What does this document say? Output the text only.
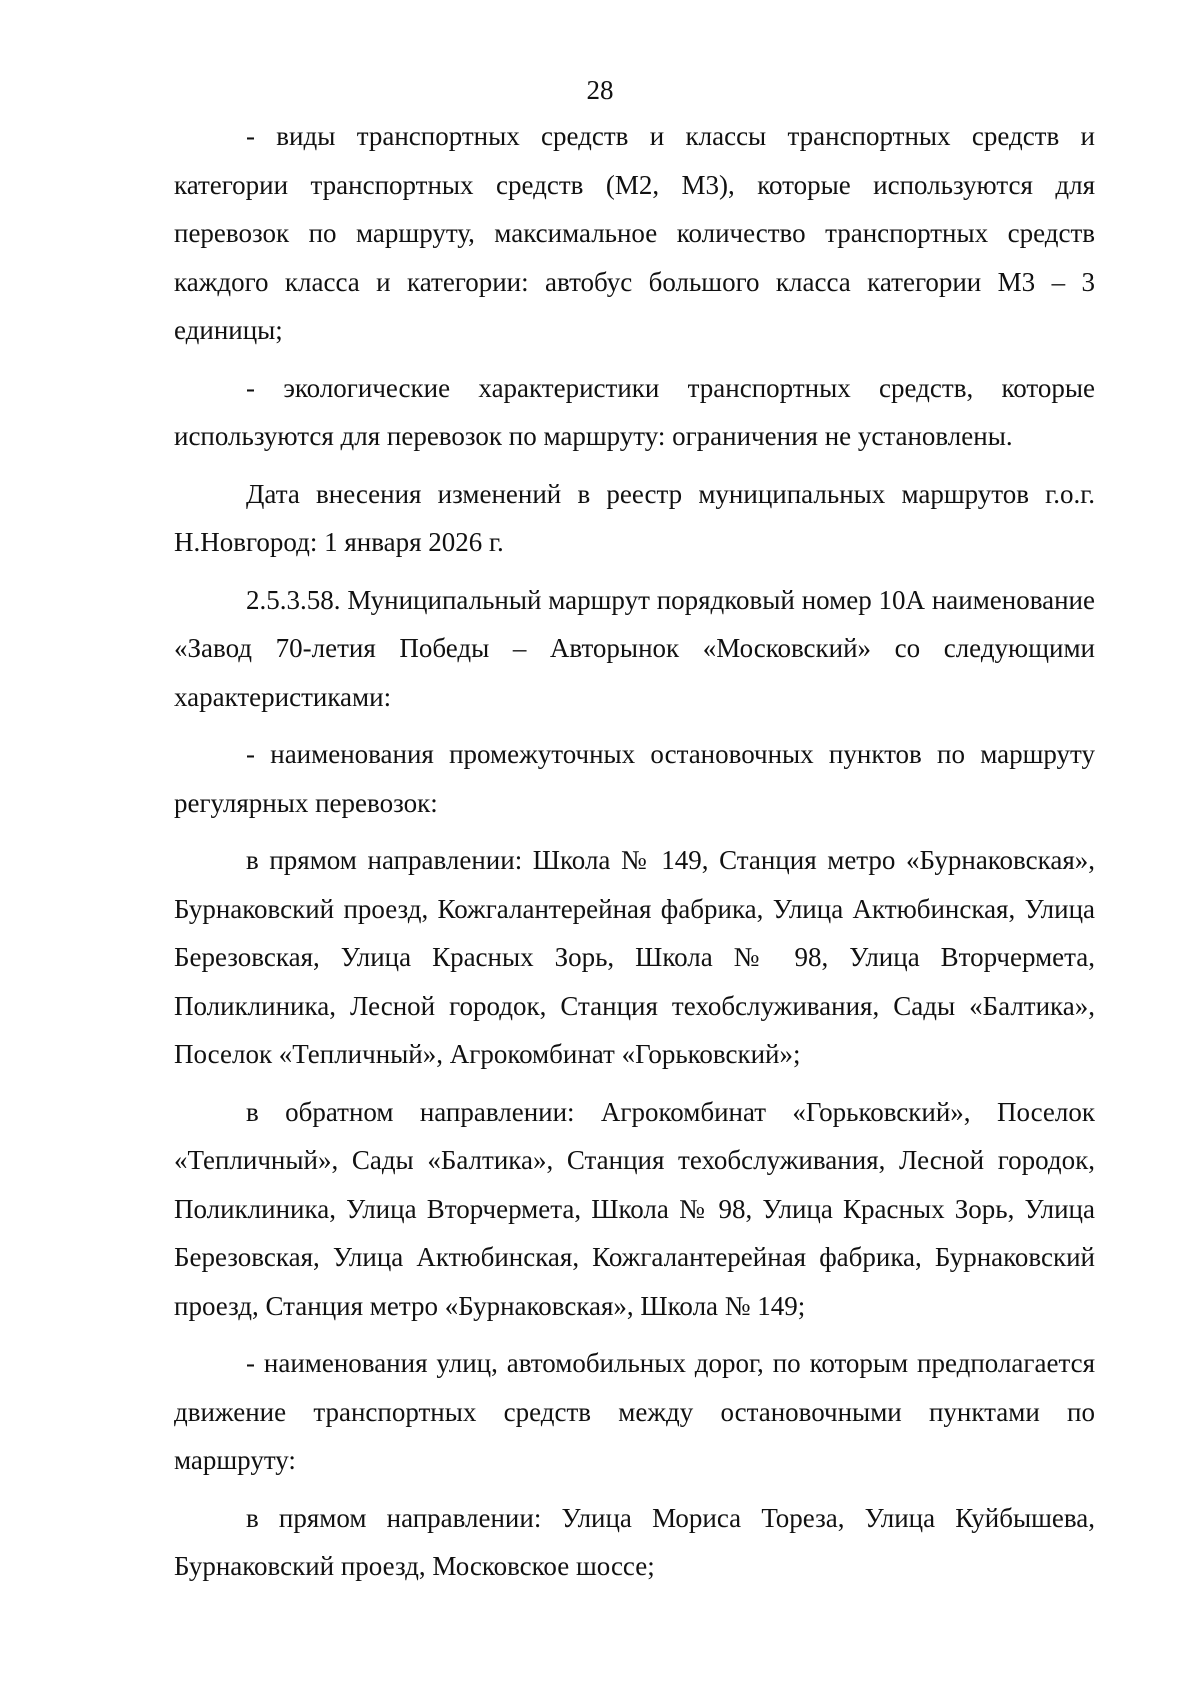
28

- виды транспортных средств и классы транспортных средств и категории транспортных средств (М2, М3), которые используются для перевозок по маршруту, максимальное количество транспортных средств каждого класса и категории: автобус большого класса категории М3 – 3 единицы;

- экологические характеристики транспортных средств, которые используются для перевозок по маршруту: ограничения не установлены.

Дата внесения изменений в реестр муниципальных маршрутов г.о.г. Н.Новгород: 1 января 2026 г.

2.5.3.58. Муниципальный маршрут порядковый номер 10А наименование «Завод 70-летия Победы – Авторынок «Московский» со следующими характеристиками:

- наименования промежуточных остановочных пунктов по маршруту регулярных перевозок:

в прямом направлении: Школа № 149, Станция метро «Бурнаковская», Бурнаковский проезд, Кожгалантерейная фабрика, Улица Актюбинская, Улица Березовская, Улица Красных Зорь, Школа № 98, Улица Вторчермета, Поликлиника, Лесной городок, Станция техобслуживания, Сады «Балтика», Поселок «Тепличный», Агрокомбинат «Горьковский»;

в обратном направлении: Агрокомбинат «Горьковский», Поселок «Тепличный», Сады «Балтика», Станция техобслуживания, Лесной городок, Поликлиника, Улица Вторчермета, Школа № 98, Улица Красных Зорь, Улица Березовская, Улица Актюбинская, Кожгалантерейная фабрика, Бурнаковский проезд, Станция метро «Бурнаковская», Школа № 149;

- наименования улиц, автомобильных дорог, по которым предполагается движение транспортных средств между остановочными пунктами по маршруту:

в прямом направлении: Улица Мориса Тореза, Улица Куйбышева, Бурнаковский проезд, Московское шоссе;
